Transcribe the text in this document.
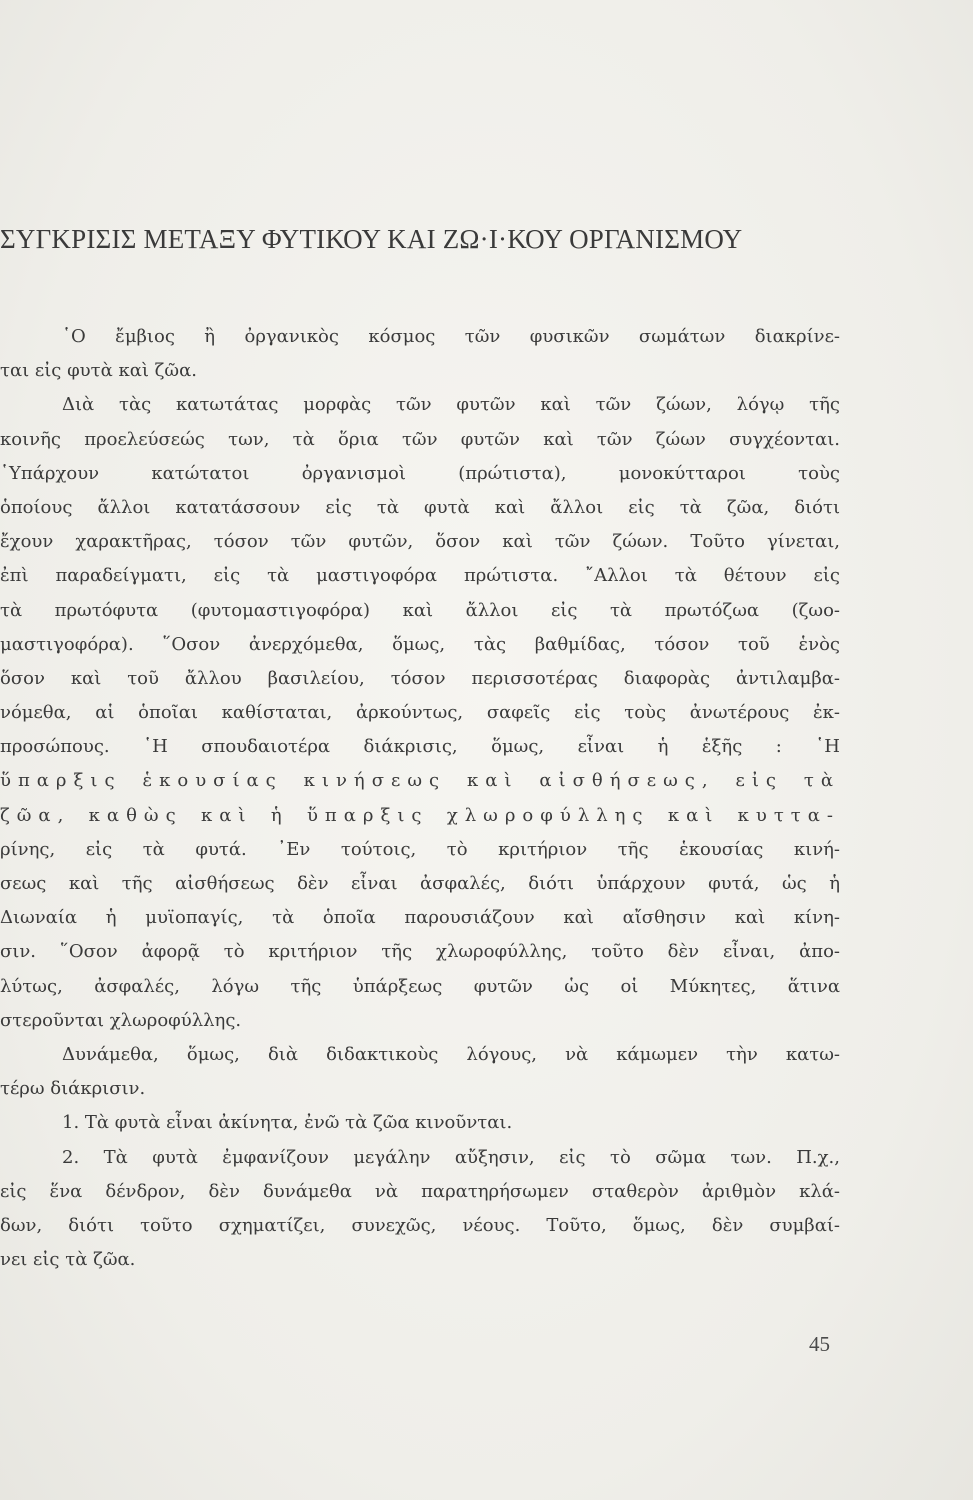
ΣΥΓΚΡΙΣΙΣ ΜΕΤΑΞΥ ΦΥΤΙΚΟΥ ΚΑΙ ΖΩ·Ι·ΚΟΥ ΟΡΓΑΝΙΣΜΟΥ
῾Ο ἔμβιος ἢ ὀργανικὸς κόσμος τῶν φυσικῶν σωμάτων διακρίνε-
ται εἰς φυτὰ καὶ ζῶα.
Διὰ τὰς κατωτάτας μορφὰς τῶν φυτῶν καὶ τῶν ζώων, λόγῳ τῆς
κοινῆς προελεύσεώς των, τὰ ὅρια τῶν φυτῶν καὶ τῶν ζώων συγχέονται.
῾Υπάρχουν κατώτατοι ὀργανισμοὶ (πρώτιστα), μονοκύτταροι τοὺς
ὁποίους ἄλλοι κατατάσσουν εἰς τὰ φυτὰ καὶ ἄλλοι εἰς τὰ ζῶα, διότι
ἔχουν χαρακτῆρας, τόσον τῶν φυτῶν, ὅσον καὶ τῶν ζώων. Τοῦτο γίνεται,
ἐπὶ παραδείγματι, εἰς τὰ μαστιγοφόρα πρώτιστα. ῎Αλλοι τὰ θέτουν εἰς
τὰ πρωτόφυτα (φυτομαστιγοφόρα) καὶ ἄλλοι εἰς τὰ πρωτόζωα (ζωο-
μαστιγοφόρα). ῞Οσον ἀνερχόμεθα, ὅμως, τὰς βαθμίδας, τόσον τοῦ ἑνὸς
ὅσον καὶ τοῦ ἄλλου βασιλείου, τόσον περισσοτέρας διαφορὰς ἀντιλαμβα-
νόμεθα, αἱ ὁποῖαι καθίσταται, ἀρκούντως, σαφεῖς εἰς τοὺς ἀνωτέρους ἐκ-
προσώπους. ῾Η σπουδαιοτέρα διάκρισις, ὅμως, εἶναι ἡ ἑξῆς : ῾Η
ὕπαρξις ἑκουσίας κινήσεως καὶ αἰσθήσεως, εἰς τὰ
ζῶα, καθὼς καὶ ἡ ὕπαρξις χλωροφύλλης καὶ κυττα-
ρίνης, εἰς τὰ φυτά. ᾿Εν τούτοις, τὸ κριτήριον τῆς ἑκουσίας κινή-
σεως καὶ τῆς αἰσθήσεως δὲν εἶναι ἀσφαλές, διότι ὑπάρχουν φυτά, ὡς ἡ
Διωναία ἡ μυϊοπαγίς, τὰ ὁποῖα παρουσιάζουν καὶ αἴσθησιν καὶ κίνη-
σιν. ῞Οσον ἀφορᾷ τὸ κριτήριον τῆς χλωροφύλλης, τοῦτο δὲν εἶναι, ἀπο-
λύτως, ἀσφαλές, λόγω τῆς ὑπάρξεως φυτῶν ὡς οἱ Μύκητες, ἅτινα
στεροῦνται χλωροφύλλης.
Δυνάμεθα, ὅμως, διὰ διδακτικοὺς λόγους, νὰ κάμωμεν τὴν κατω-
τέρω διάκρισιν.
1. Τὰ φυτὰ εἶναι ἀκίνητα, ἐνῶ τὰ ζῶα κινοῦνται.
2. Τὰ φυτὰ ἐμφανίζουν μεγάλην αὔξησιν, εἰς τὸ σῶμα των. Π.χ.,
εἰς ἕνα δένδρον, δὲν δυνάμεθα νὰ παρατηρήσωμεν σταθερὸν ἀριθμὸν κλά-
δων, διότι τοῦτο σχηματίζει, συνεχῶς, νέους. Τοῦτο, ὅμως, δὲν συμβαί-
νει εἰς τὰ ζῶα.
45
